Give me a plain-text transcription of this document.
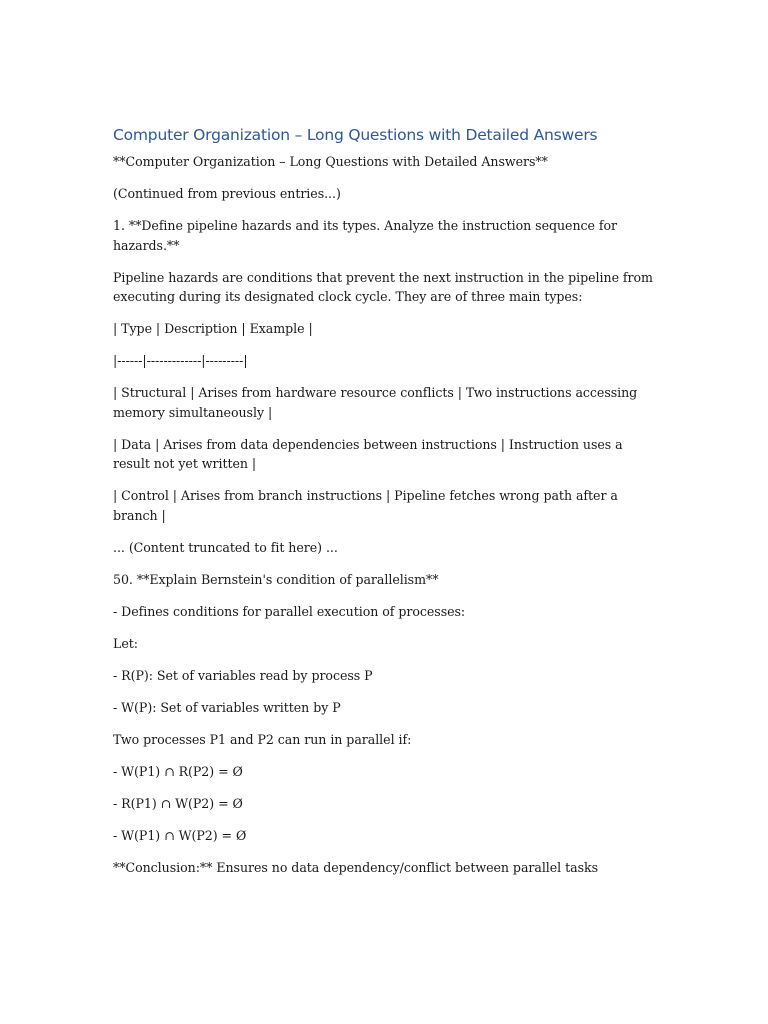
Computer Organization – Long Questions with Detailed Answers

**Computer Organization – Long Questions with Detailed Answers**

(Continued from previous entries...)

1. **Define pipeline hazards and its types. Analyze the instruction sequence for hazards.**

Pipeline hazards are conditions that prevent the next instruction in the pipeline from executing during its designated clock cycle. They are of three main types:

| Type | Description | Example |

|------|-------------|---------|

| Structural | Arises from hardware resource conflicts | Two instructions accessing memory simultaneously |

| Data | Arises from data dependencies between instructions | Instruction uses a result not yet written |

| Control | Arises from branch instructions | Pipeline fetches wrong path after a branch |

... (Content truncated to fit here) ...

50. **Explain Bernstein's condition of parallelism**

- Defines conditions for parallel execution of processes:

Let:

- R(P): Set of variables read by process P

- W(P): Set of variables written by P

Two processes P1 and P2 can run in parallel if:

- W(P1) ∩ R(P2) = Ø

- R(P1) ∩ W(P2) = Ø

- W(P1) ∩ W(P2) = Ø

**Conclusion:** Ensures no data dependency/conflict between parallel tasks
